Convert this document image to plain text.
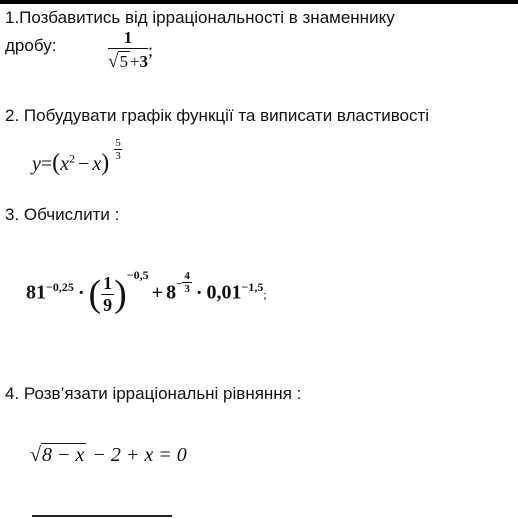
1.Позбавитись від ірраціональності в знаменнику
дробу:	$\frac{1}{√5 +3}$ ;
2. Побудувати графік функції та виписати властивості
$y=(x^2 - x)$
$\frac{5}{3}$
3. Обчислити :
$81^{-0,25}$ · ( $\frac{1}{9} )^{-0,5}+ 8^- \frac{4}{3} \cdot 0,01^{-1,5}$;
4. Розв’язати ірраціональні рівняння :
√8 − x − 2 + x = 0
